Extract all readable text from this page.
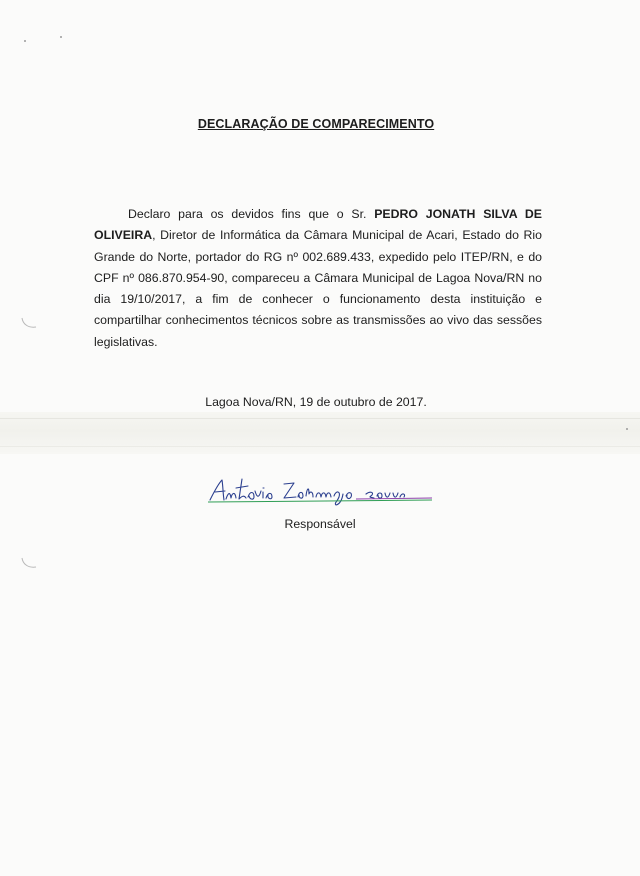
DECLARAÇÃO DE COMPARECIMENTO
Declaro para os devidos fins que o Sr. PEDRO JONATH SILVA DE OLIVEIRA, Diretor de Informática da Câmara Municipal de Acari, Estado do Rio Grande do Norte, portador do RG nº 002.689.433, expedido pelo ITEP/RN, e do CPF nº 086.870.954-90, compareceu a Câmara Municipal de Lagoa Nova/RN no dia 19/10/2017, a fim de conhecer o funcionamento desta instituição e compartilhar conhecimentos técnicos sobre as transmissões ao vivo das sessões legislativas.
Lagoa Nova/RN, 19 de outubro de 2017.
Responsável
